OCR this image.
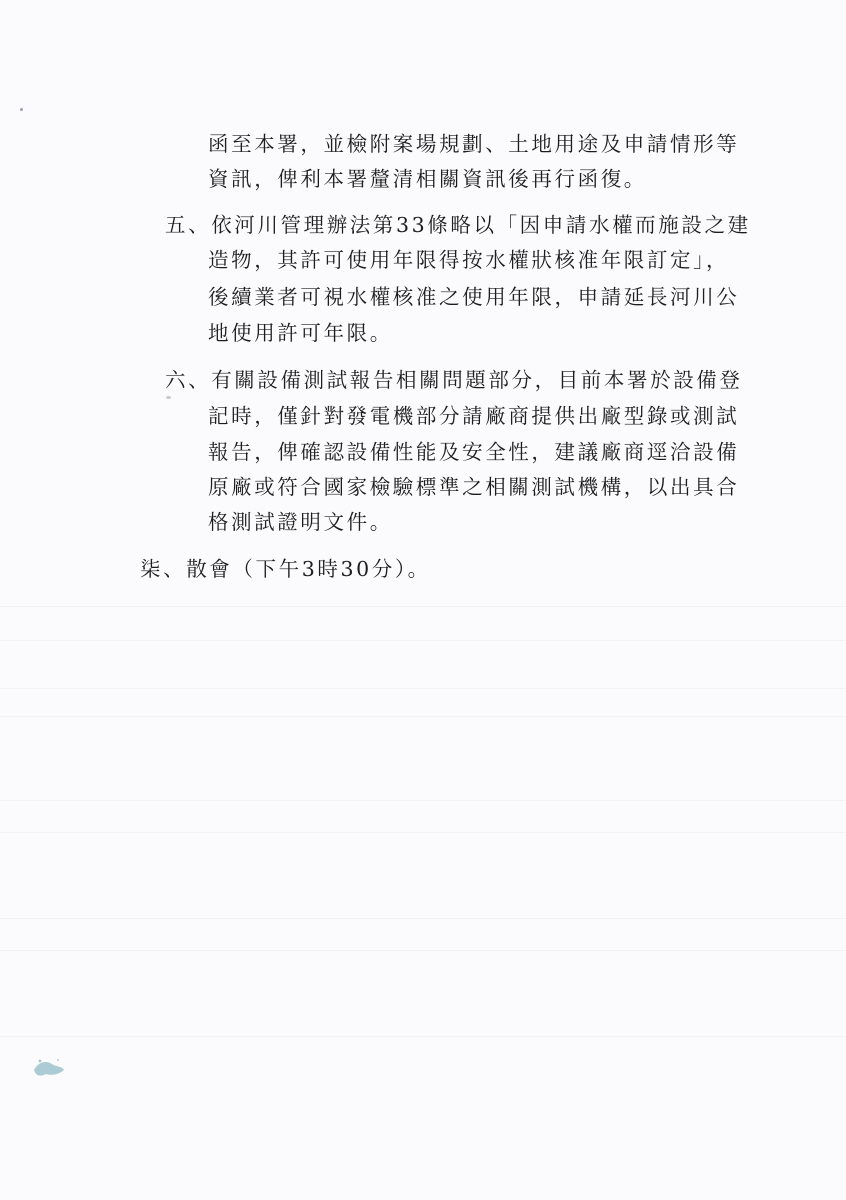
函至本署，並檢附案場規劃、土地用途及申請情形等
資訊，俾利本署釐清相關資訊後再行函復。
五、依河川管理辦法第33條略以「因申請水權而施設之建
造物，其許可使用年限得按水權狀核准年限訂定」，
後續業者可視水權核准之使用年限，申請延長河川公
地使用許可年限。
六、有關設備測試報告相關問題部分，目前本署於設備登
記時，僅針對發電機部分請廠商提供出廠型錄或測試
報告，俾確認設備性能及安全性，建議廠商逕洽設備
原廠或符合國家檢驗標準之相關測試機構，以出具合
格測試證明文件。
柒、散會（下午3時30分）。
